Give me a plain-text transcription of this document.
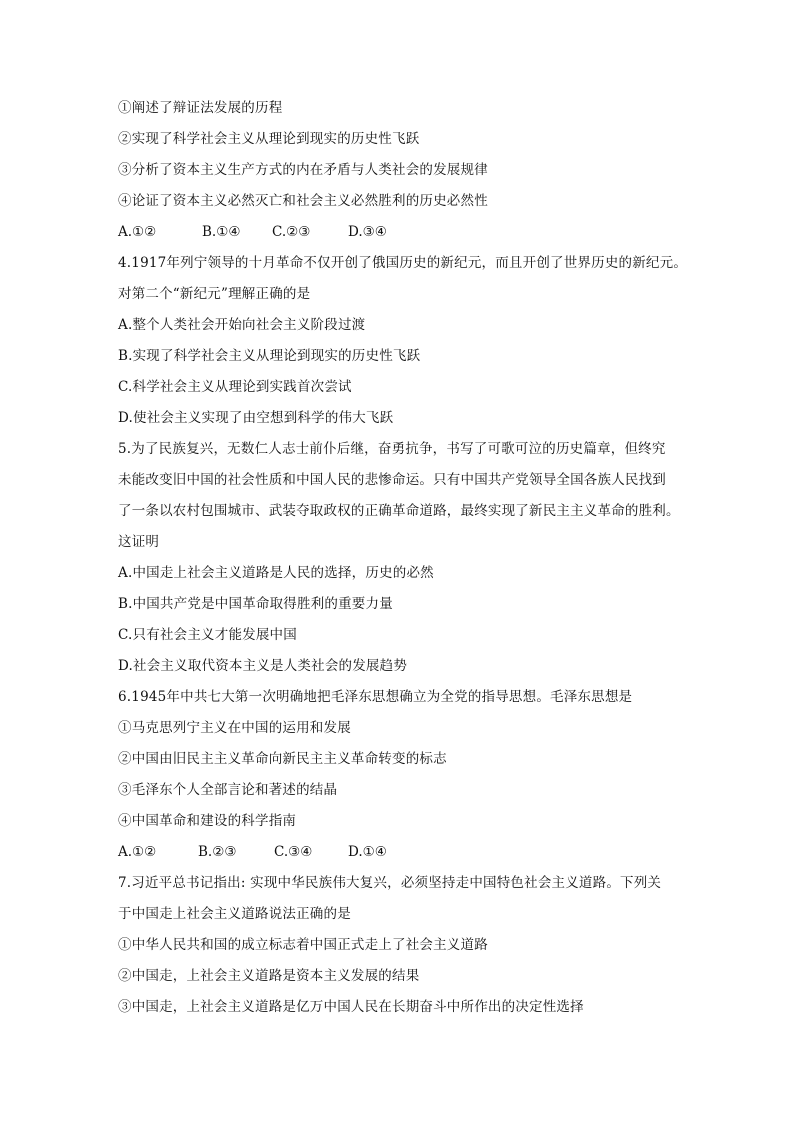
①阐述了辩证法发展的历程
②实现了科学社会主义从理论到现实的历史性飞跃
③分析了资本主义生产方式的内在矛盾与人类社会的发展规律
④论证了资本主义必然灭亡和社会主义必然胜利的历史必然性
A.①②	B.①④ C.②③	D.③④
4.1917年列宁领导的十月革命不仅开创了俄国历史的新纪元，而且开创了世界历史的新纪元。
对第二个“新纪元”理解正确的是
A.整个人类社会开始向社会主义阶段过渡
B.实现了科学社会主义从理论到现实的历史性飞跃
C.科学社会主义从理论到实践首次尝试
D.使社会主义实现了由空想到科学的伟大飞跃
5.为了民族复兴，无数仁人志士前仆后继，奋勇抗争，书写了可歌可泣的历史篇章，但终究
未能改变旧中国的社会性质和中国人民的悲惨命运。只有中国共产党领导全国各族人民找到
了一条以农村包围城市、武装夺取政权的正确革命道路，最终实现了新民主主义革命的胜利。
这证明
A.中国走上社会主义道路是人民的选择，历史的必然
B.中国共产党是中国革命取得胜利的重要力量
C.只有社会主义才能发展中国
D.社会主义取代资本主义是人类社会的发展趋势
6.1945年中共七大第一次明确地把毛泽东思想确立为全党的指导思想。毛泽东思想是
①马克思列宁主义在中国的运用和发展
②中国由旧民主主义革命向新民主主义革命转变的标志
③毛泽东个人全部言论和著述的结晶
④中国革命和建设的科学指南
A.①②	B.②③	C.③④	D.①④
7.习近平总书记指出: 实现中华民族伟大复兴，必须坚持走中国特色社会主义道路。下列关
于中国走上社会主义道路说法正确的是
①中华人民共和国的成立标志着中国正式走上了社会主义道路
②中国走，上社会主义道路是资本主义发展的结果
③中国走，上社会主义道路是亿万中国人民在长期奋斗中所作出的决定性选择
